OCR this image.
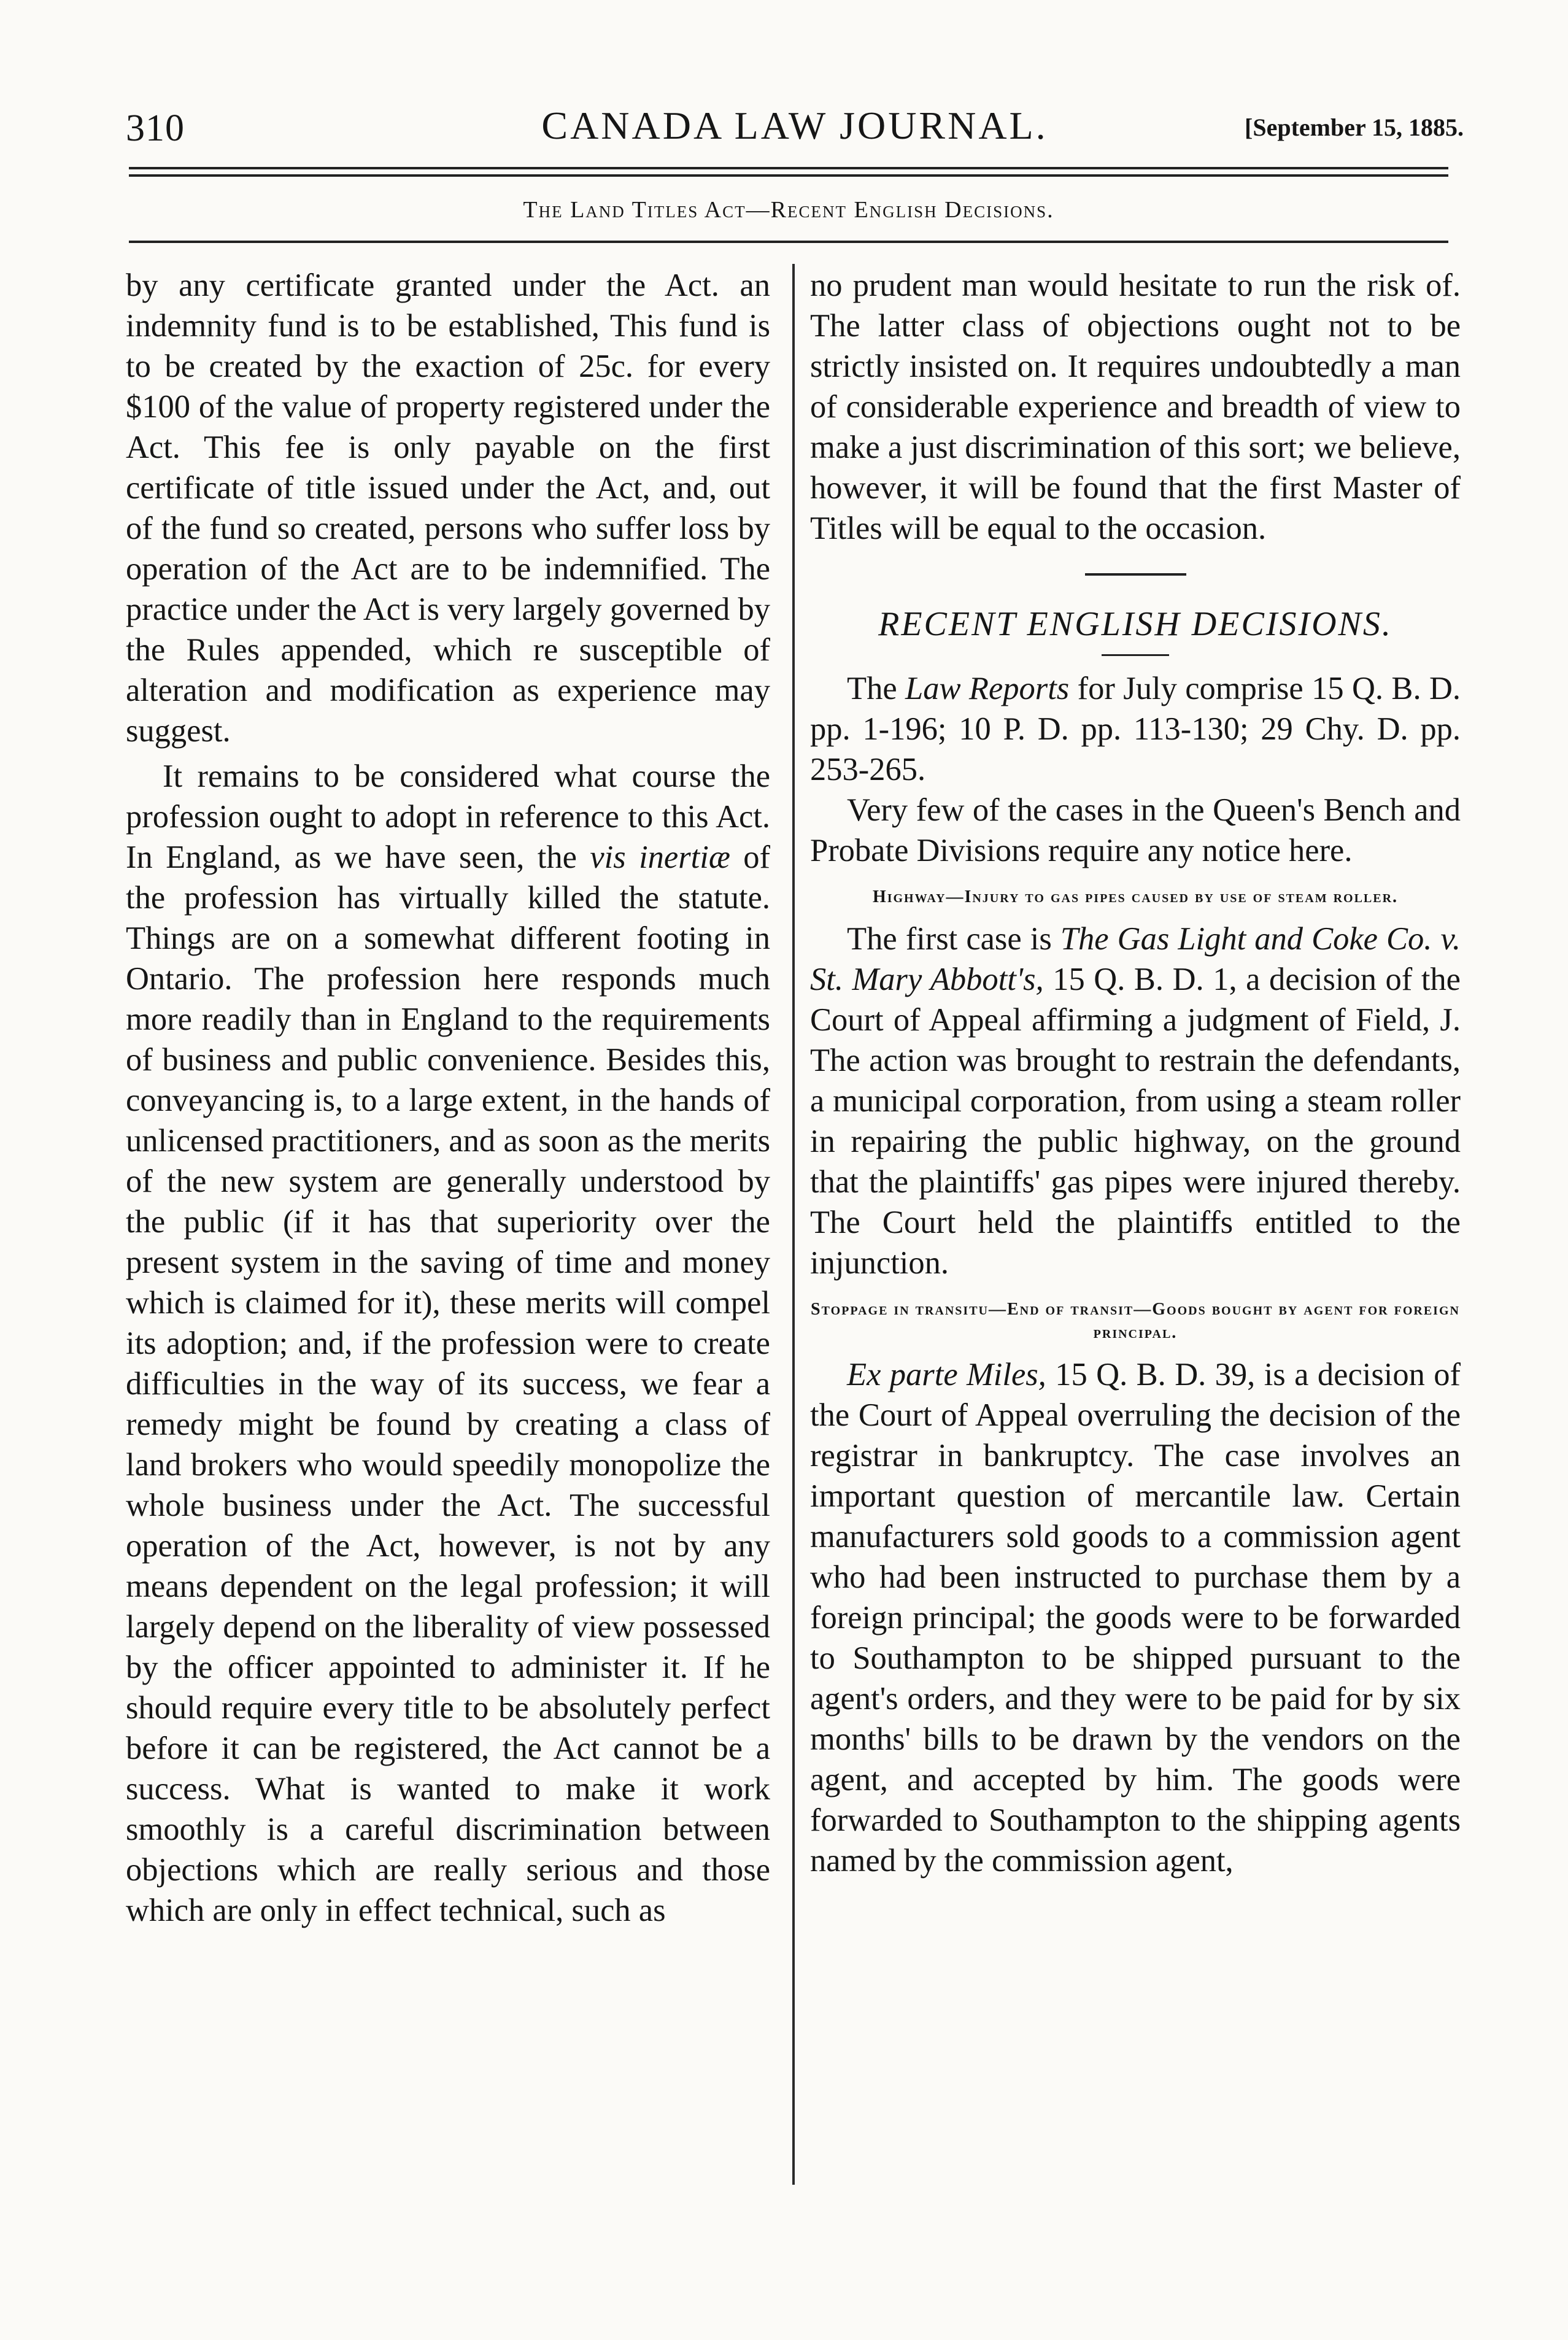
310	CANADA LAW JOURNAL.	[September 15, 1885.
The Land Titles Act—Recent English Decisions.

by any certificate granted under the Act. an indemnity fund is to be established, This fund is to be created by the exaction of 25c. for every $100 of the value of property registered under the Act. This fee is only payable on the first certificate of title issued under the Act, and, out of the fund so created, persons who suffer loss by operation of the Act are to be indemnified. The practice under the Act is very largely governed by the Rules appended, which re susceptible of alteration and modification as experience may suggest.

It remains to be considered what course the profession ought to adopt in reference to this Act. In England, as we have seen, the vis inertiæ of the profession has virtually killed the statute. Things are on a somewhat different footing in Ontario. The profession here responds much more readily than in England to the requirements of business and public convenience. Besides this, conveyancing is, to a large extent, in the hands of unlicensed practitioners, and as soon as the merits of the new system are generally understood by the public (if it has that superiority over the present system in the saving of time and money which is claimed for it), these merits will compel its adoption; and, if the profession were to create difficulties in the way of its success, we fear a remedy might be found by creating a class of land brokers who would speedily monopolize the whole business under the Act. The successful operation of the Act, however, is not by any means dependent on the legal profession; it will largely depend on the liberality of view possessed by the officer appointed to administer it. If he should require every title to be absolutely perfect before it can be registered, the Act cannot be a success. What is wanted to make it work smoothly is a careful discrimination between objections which are really serious and those which are only in effect technical, such as

no prudent man would hesitate to run the risk of. The latter class of objections ought not to be strictly insisted on. It requires undoubtedly a man of considerable experience and breadth of view to make a just discrimination of this sort; we believe, however, it will be found that the first Master of Titles will be equal to the occasion.

RECENT ENGLISH DECISIONS.

The Law Reports for July comprise 15 Q. B. D. pp. 1-196; 10 P. D. pp. 113-130; 29 Chy. D. pp. 253-265.

Very few of the cases in the Queen's Bench and Probate Divisions require any notice here.

Highway—Injury to gas pipes caused by use of steam roller.

The first case is The Gas Light and Coke Co. v. St. Mary Abbott's, 15 Q. B. D. 1, a decision of the Court of Appeal affirming a judgment of Field, J. The action was brought to restrain the defendants, a municipal corporation, from using a steam roller in repairing the public highway, on the ground that the plaintiffs' gas pipes were injured thereby. The Court held the plaintiffs entitled to the injunction.

Stoppage in transitu—End of transit—Goods bought by agent for foreign principal.

Ex parte Miles, 15 Q. B. D. 39, is a decision of the Court of Appeal overruling the decision of the registrar in bankruptcy. The case involves an important question of mercantile law. Certain manufacturers sold goods to a commission agent who had been instructed to purchase them by a foreign principal; the goods were to be forwarded to Southampton to be shipped pursuant to the agent's orders, and they were to be paid for by six months' bills to be drawn by the vendors on the agent, and accepted by him. The goods were forwarded to Southampton to the shipping agents named by the commission agent,
